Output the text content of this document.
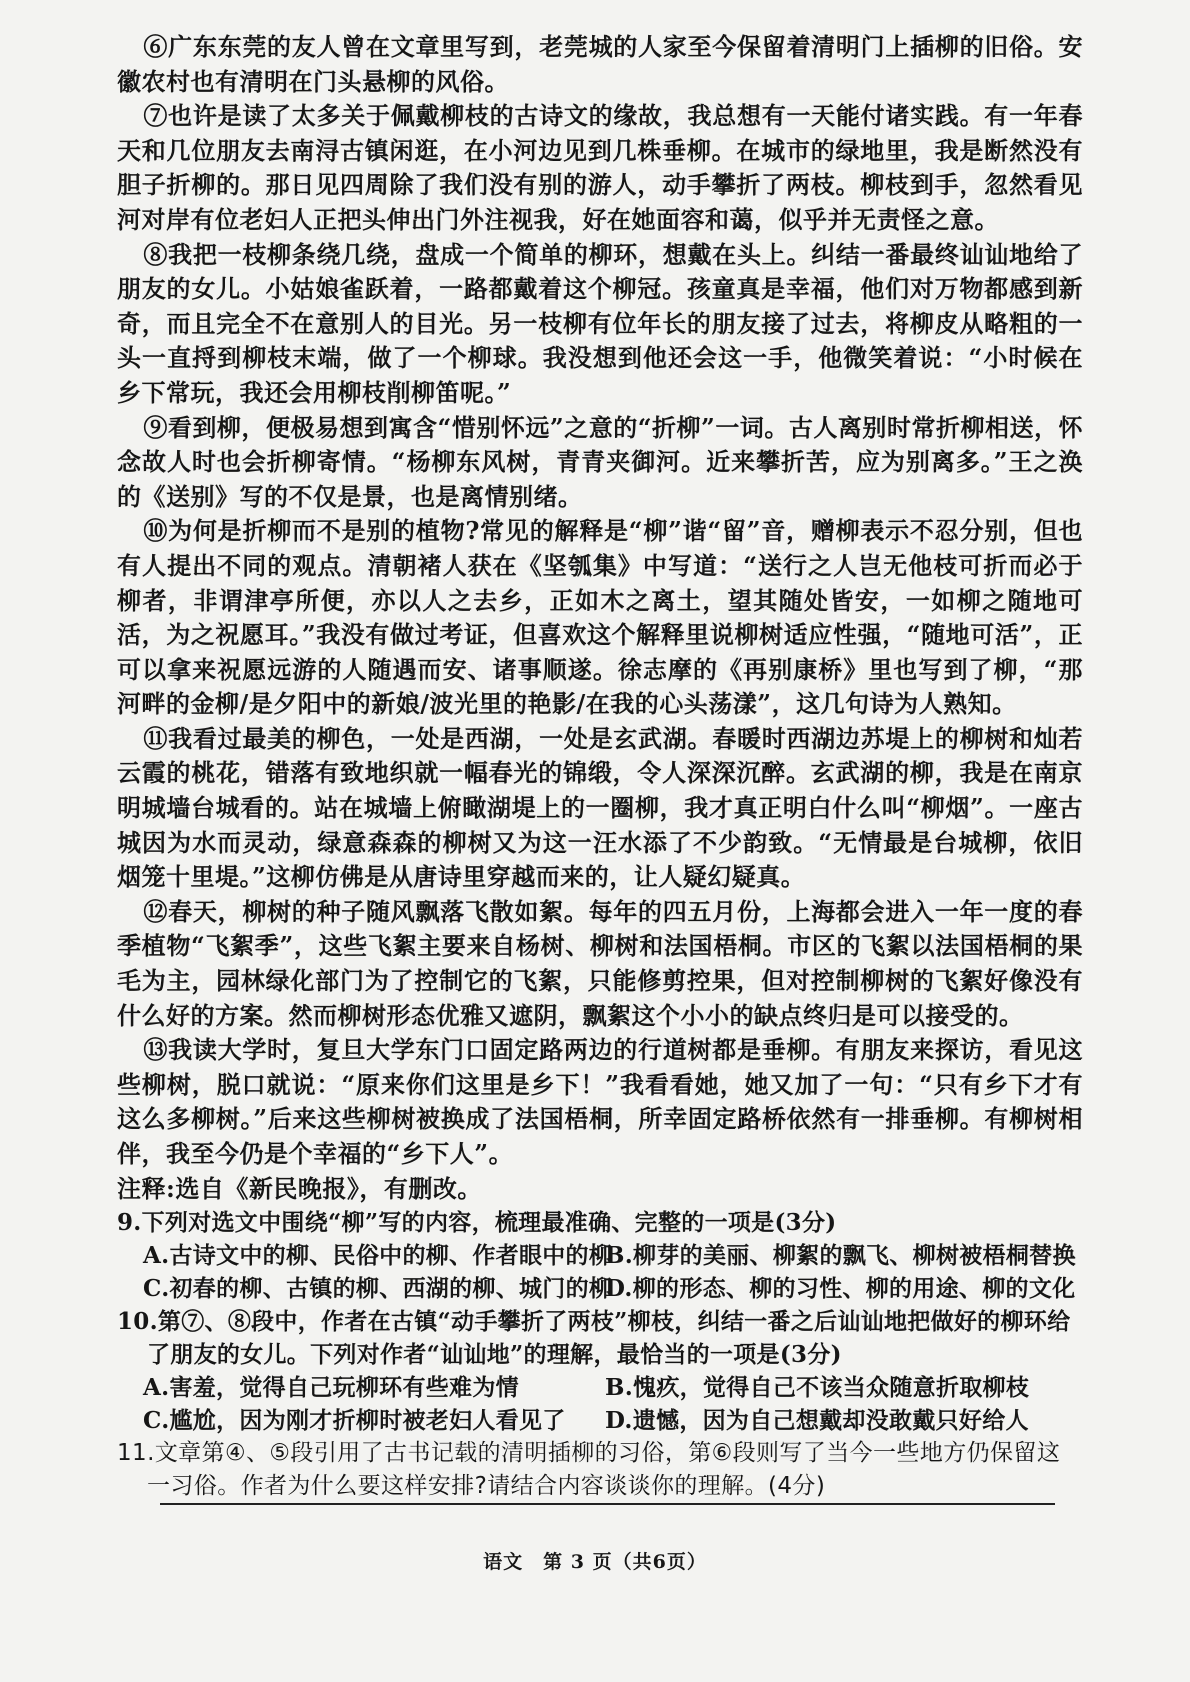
⑥广东东莞的友人曾在文章里写到，老莞城的人家至今保留着清明门上插柳的旧俗。安徽农村也有清明在门头悬柳的风俗。

⑦也许是读了太多关于佩戴柳枝的古诗文的缘故，我总想有一天能付诸实践。有一年春天和几位朋友去南浔古镇闲逛，在小河边见到几株垂柳。在城市的绿地里，我是断然没有胆子折柳的。那日见四周除了我们没有别的游人，动手攀折了两枝。柳枝到手，忽然看见河对岸有位老妇人正把头伸出门外注视我，好在她面容和蔼，似乎并无责怪之意。

⑧我把一枝柳条绕几绕，盘成一个简单的柳环，想戴在头上。纠结一番最终讪讪地给了朋友的女儿。小姑娘雀跃着，一路都戴着这个柳冠。孩童真是幸福，他们对万物都感到新奇，而且完全不在意别人的目光。另一枝柳有位年长的朋友接了过去，将柳皮从略粗的一头一直捋到柳枝末端，做了一个柳球。我没想到他还会这一手，他微笑着说：“小时候在乡下常玩，我还会用柳枝削柳笛呢。”

⑨看到柳，便极易想到寓含“惜别怀远”之意的“折柳”一词。古人离别时常折柳相送，怀念故人时也会折柳寄情。“杨柳东风树，青青夹御河。近来攀折苦，应为别离多。”王之涣的《送别》写的不仅是景，也是离情别绪。

⑩为何是折柳而不是别的植物?常见的解释是“柳”谐“留”音，赠柳表示不忍分别，但也有人提出不同的观点。清朝褚人获在《坚瓠集》中写道：“送行之人岂无他枝可折而必于柳者，非谓津亭所便，亦以人之去乡，正如木之离土，望其随处皆安，一如柳之随地可活，为之祝愿耳。”我没有做过考证，但喜欢这个解释里说柳树适应性强，“随地可活”，正可以拿来祝愿远游的人随遇而安、诸事顺遂。徐志摩的《再别康桥》里也写到了柳，“那河畔的金柳/是夕阳中的新娘/波光里的艳影/在我的心头荡漾”，这几句诗为人熟知。

⑪我看过最美的柳色，一处是西湖，一处是玄武湖。春暖时西湖边苏堤上的柳树和灿若云霞的桃花，错落有致地织就一幅春光的锦缎，令人深深沉醉。玄武湖的柳，我是在南京明城墙台城看的。站在城墙上俯瞰湖堤上的一圈柳，我才真正明白什么叫“柳烟”。一座古城因为水而灵动，绿意森森的柳树又为这一汪水添了不少韵致。“无情最是台城柳，依旧烟笼十里堤。”这柳仿佛是从唐诗里穿越而来的，让人疑幻疑真。

⑫春天，柳树的种子随风飘落飞散如絮。每年的四五月份，上海都会进入一年一度的春季植物“飞絮季”，这些飞絮主要来自杨树、柳树和法国梧桐。市区的飞絮以法国梧桐的果毛为主，园林绿化部门为了控制它的飞絮，只能修剪控果，但对控制柳树的飞絮好像没有什么好的方案。然而柳树形态优雅又遮阴，飘絮这个小小的缺点终归是可以接受的。

⑬我读大学时，复旦大学东门口固定路两边的行道树都是垂柳。有朋友来探访，看见这些柳树，脱口就说：“原来你们这里是乡下！”我看看她，她又加了一句：“只有乡下才有这么多柳树。”后来这些柳树被换成了法国梧桐，所幸固定路桥依然有一排垂柳。有柳树相伴，我至今仍是个幸福的“乡下人”。

注释:选自《新民晚报》，有删改。

9.下列对选文中围绕“柳”写的内容，梳理最准确、完整的一项是(3分)

A.古诗文中的柳、民俗中的柳、作者眼中的柳
B.柳芽的美丽、柳絮的飘飞、柳树被梧桐替换
C.初春的柳、古镇的柳、西湖的柳、城门的柳
D.柳的形态、柳的习性、柳的用途、柳的文化

10.第⑦、⑧段中，作者在古镇“动手攀折了两枝”柳枝，纠结一番之后讪讪地把做好的柳环给了朋友的女儿。下列对作者“讪讪地”的理解，最恰当的一项是(3分)

A.害羞，觉得自己玩柳环有些难为情	B.愧疚，觉得自己不该当众随意折取柳枝
C.尴尬，因为刚才折柳时被老妇人看见了	D.遗憾，因为自己想戴却没敢戴只好给人

11.文章第④、⑤段引用了古书记载的清明插柳的习俗，第⑥段则写了当今一些地方仍保留这一习俗。作者为什么要这样安排?请结合内容谈谈你的理解。(4分)

语文　第 3 页（共6页）
